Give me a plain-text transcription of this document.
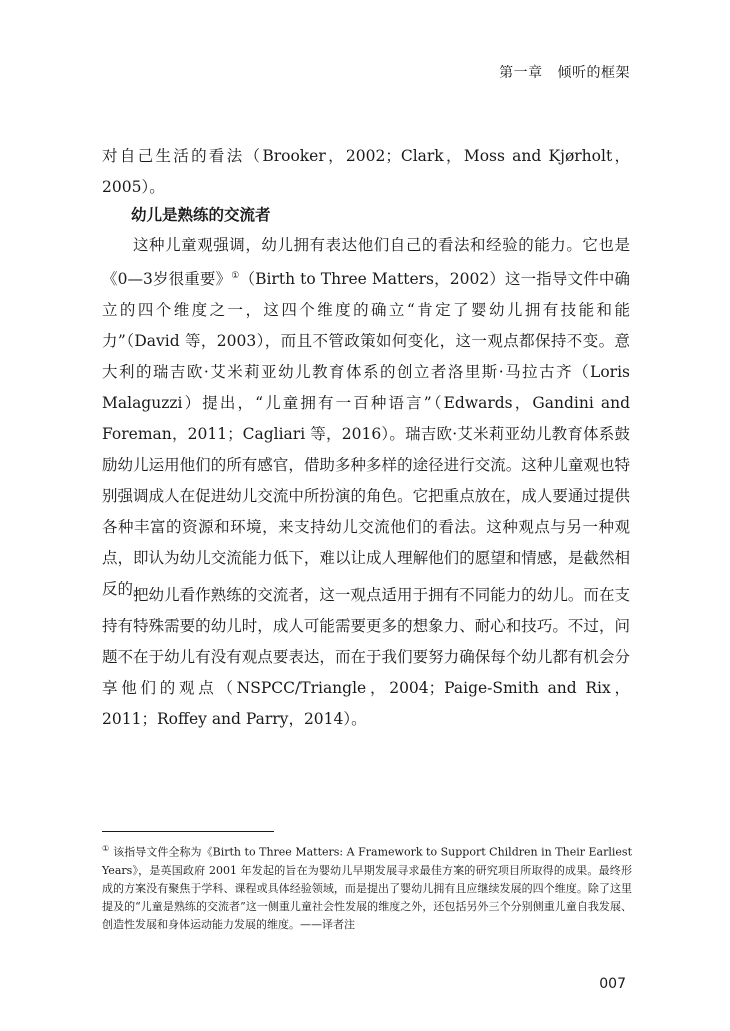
第一章 倾听的框架
对自己生活的看法（Brooker，2002；Clark，Moss and Kjørholt，2005）。
幼儿是熟练的交流者
这种儿童观强调，幼儿拥有表达他们自己的看法和经验的能力。它也是《0—3岁很重要》①（Birth to Three Matters，2002）这一指导文件中确立的四个维度之一，这四个维度的确立“肯定了婴幼儿拥有技能和能力”（David 等，2003），而且不管政策如何变化，这一观点都保持不变。意大利的瑞吉欧·艾米莉亚幼儿教育体系的创立者洛里斯·马拉古齐（Loris Malaguzzi）提出，“儿童拥有一百种语言”（Edwards，Gandini and Foreman，2011；Cagliari 等，2016）。瑞吉欧·艾米莉亚幼儿教育体系鼓励幼儿运用他们的所有感官，借助多种多样的途径进行交流。这种儿童观也特别强调成人在促进幼儿交流中所扮演的角色。它把重点放在，成人要通过提供各种丰富的资源和环境，来支持幼儿交流他们的看法。这种观点与另一种观点，即认为幼儿交流能力低下，难以让成人理解他们的愿望和情感，是截然相反的。
把幼儿看作熟练的交流者，这一观点适用于拥有不同能力的幼儿。而在支持有特殊需要的幼儿时，成人可能需要更多的想象力、耐心和技巧。不过，问题不在于幼儿有没有观点要表达，而在于我们要努力确保每个幼儿都有机会分享他们的观点（NSPCC/Triangle，2004；Paige-Smith and Rix，2011；Roffey and Parry，2014）。
① 该指导文件全称为《Birth to Three Matters: A Framework to Support Children in Their Earliest Years》，是英国政府 2001 年发起的旨在为婴幼儿早期发展寻求最佳方案的研究项目所取得的成果。最终形成的方案没有聚焦于学科、课程或具体经验领域，而是提出了婴幼儿拥有且应继续发展的四个维度。除了这里提及的“儿童是熟练的交流者”这一侧重儿童社会性发展的维度之外，还包括另外三个分别侧重儿童自我发展、创造性发展和身体运动能力发展的维度。——译者注
007
